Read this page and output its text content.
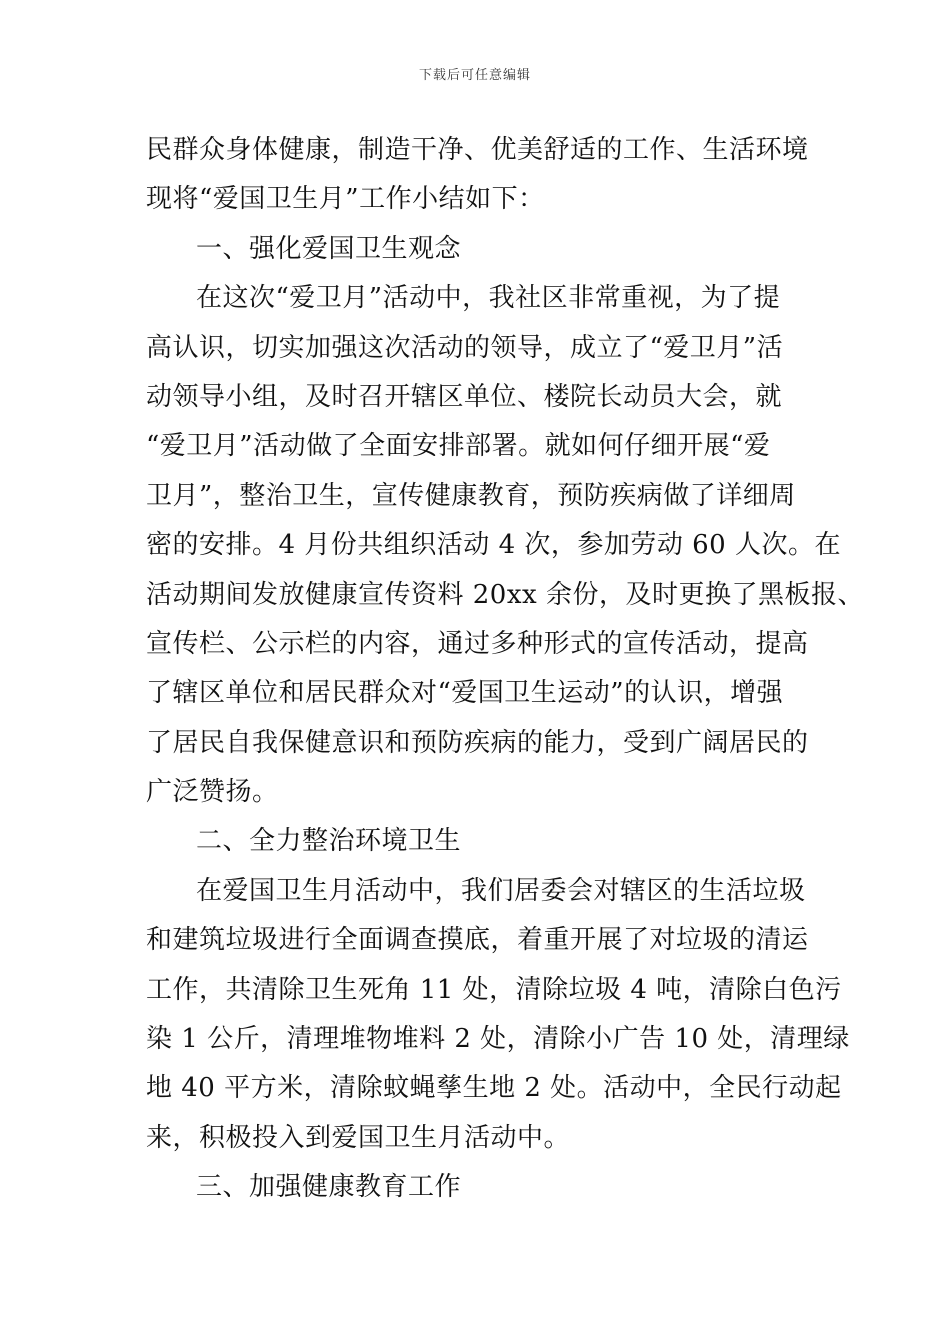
下载后可任意编辑
民群众身体健康，制造干净、优美舒适的工作、生活环境
现将“爱国卫生月”工作小结如下：
一、强化爱国卫生观念
在这次“爱卫月”活动中，我社区非常重视，为了提
高认识，切实加强这次活动的领导，成立了“爱卫月”活
动领导小组，及时召开辖区单位、楼院长动员大会，就
“爱卫月”活动做了全面安排部署。就如何仔细开展“爱
卫月”，整治卫生，宣传健康教育，预防疾病做了详细周
密的安排。4 月份共组织活动 4 次，参加劳动 60 人次。在
活动期间发放健康宣传资料 20xx 余份，及时更换了黑板报、
宣传栏、公示栏的内容，通过多种形式的宣传活动，提高
了辖区单位和居民群众对“爱国卫生运动”的认识，增强
了居民自我保健意识和预防疾病的能力，受到广阔居民的
广泛赞扬。
二、全力整治环境卫生
在爱国卫生月活动中，我们居委会对辖区的生活垃圾
和建筑垃圾进行全面调查摸底，着重开展了对垃圾的清运
工作，共清除卫生死角 11 处，清除垃圾 4 吨，清除白色污
染 1 公斤，清理堆物堆料 2 处，清除小广告 10 处，清理绿
地 40 平方米，清除蚊蝇孳生地 2 处。活动中，全民行动起
来，积极投入到爱国卫生月活动中。
三、加强健康教育工作
